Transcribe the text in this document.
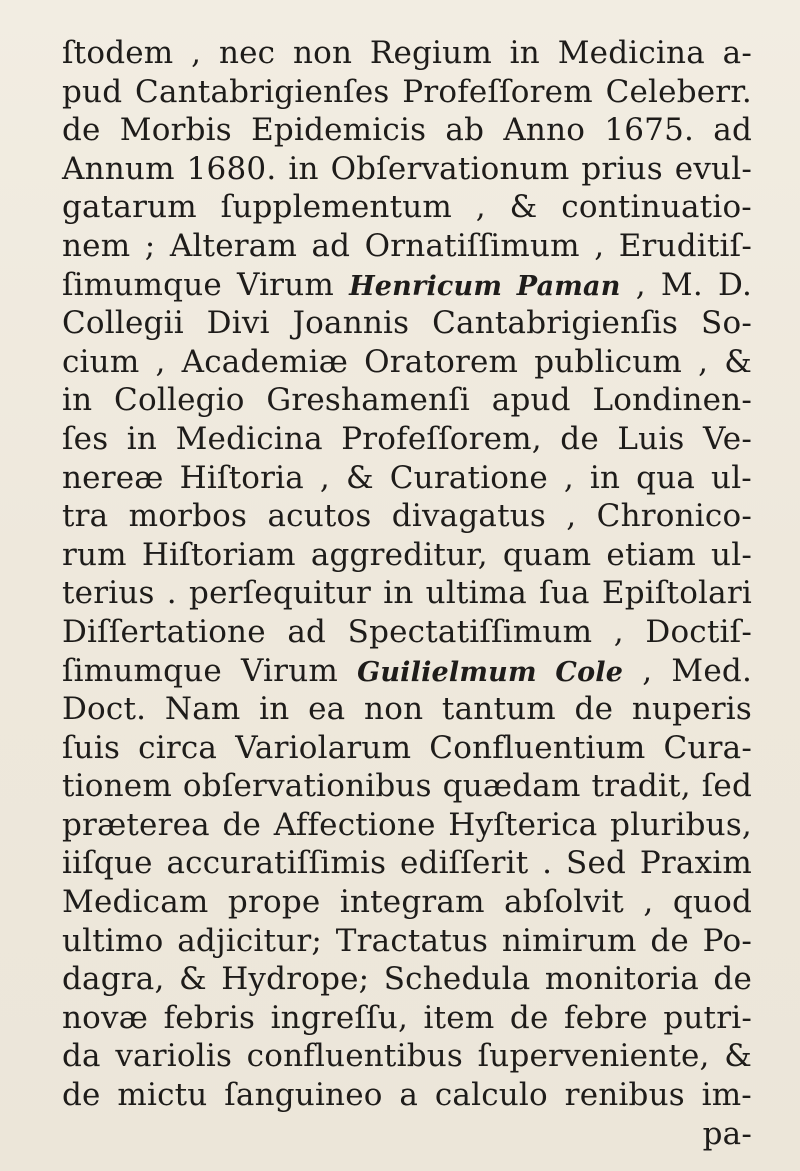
ſtodem , nec non Regium in Medicina a-
pud Cantabrigienſes Profeſſorem Celeberr.
de Morbis Epidemicis ab Anno 1675. ad
Annum 1680. in Obſervationum prius evul-
gatarum ſupplementum , & continuatio-
nem ; Alteram ad Ornatiſſimum , Eruditiſ-
ſimumque Virum Henricum Paman , M. D.
Collegii Divi Joannis Cantabrigienſis So-
cium , Academiæ Oratorem publicum , &
in Collegio Greshamenſi apud Londinen-
ſes in Medicina Profeſſorem, de Luis Ve-
nereæ Hiſtoria , & Curatione , in qua ul-
tra morbos acutos divagatus , Chronico-
rum Hiſtoriam aggreditur, quam etiam ul-
terius . perſequitur in ultima ſua Epiſtolari
Diſſertatione ad Spectatiſſimum , Doctiſ-
ſimumque Virum Guilielmum Cole , Med.
Doct. Nam in ea non tantum de nuperis
ſuis circa Variolarum Confluentium Cura-
tionem obſervationibus quædam tradit, ſed
præterea de Affectione Hyſterica pluribus,
iiſque accuratiſſimis ediſſerit . Sed Praxim
Medicam prope integram abſolvit , quod
ultimo adjicitur; Tractatus nimirum de Po-
dagra, & Hydrope; Schedula monitoria de
novæ febris ingreſſu, item de febre putri-
da variolis confluentibus ſuperveniente, &
de mictu ſanguineo a calculo renibus im-
pa-
